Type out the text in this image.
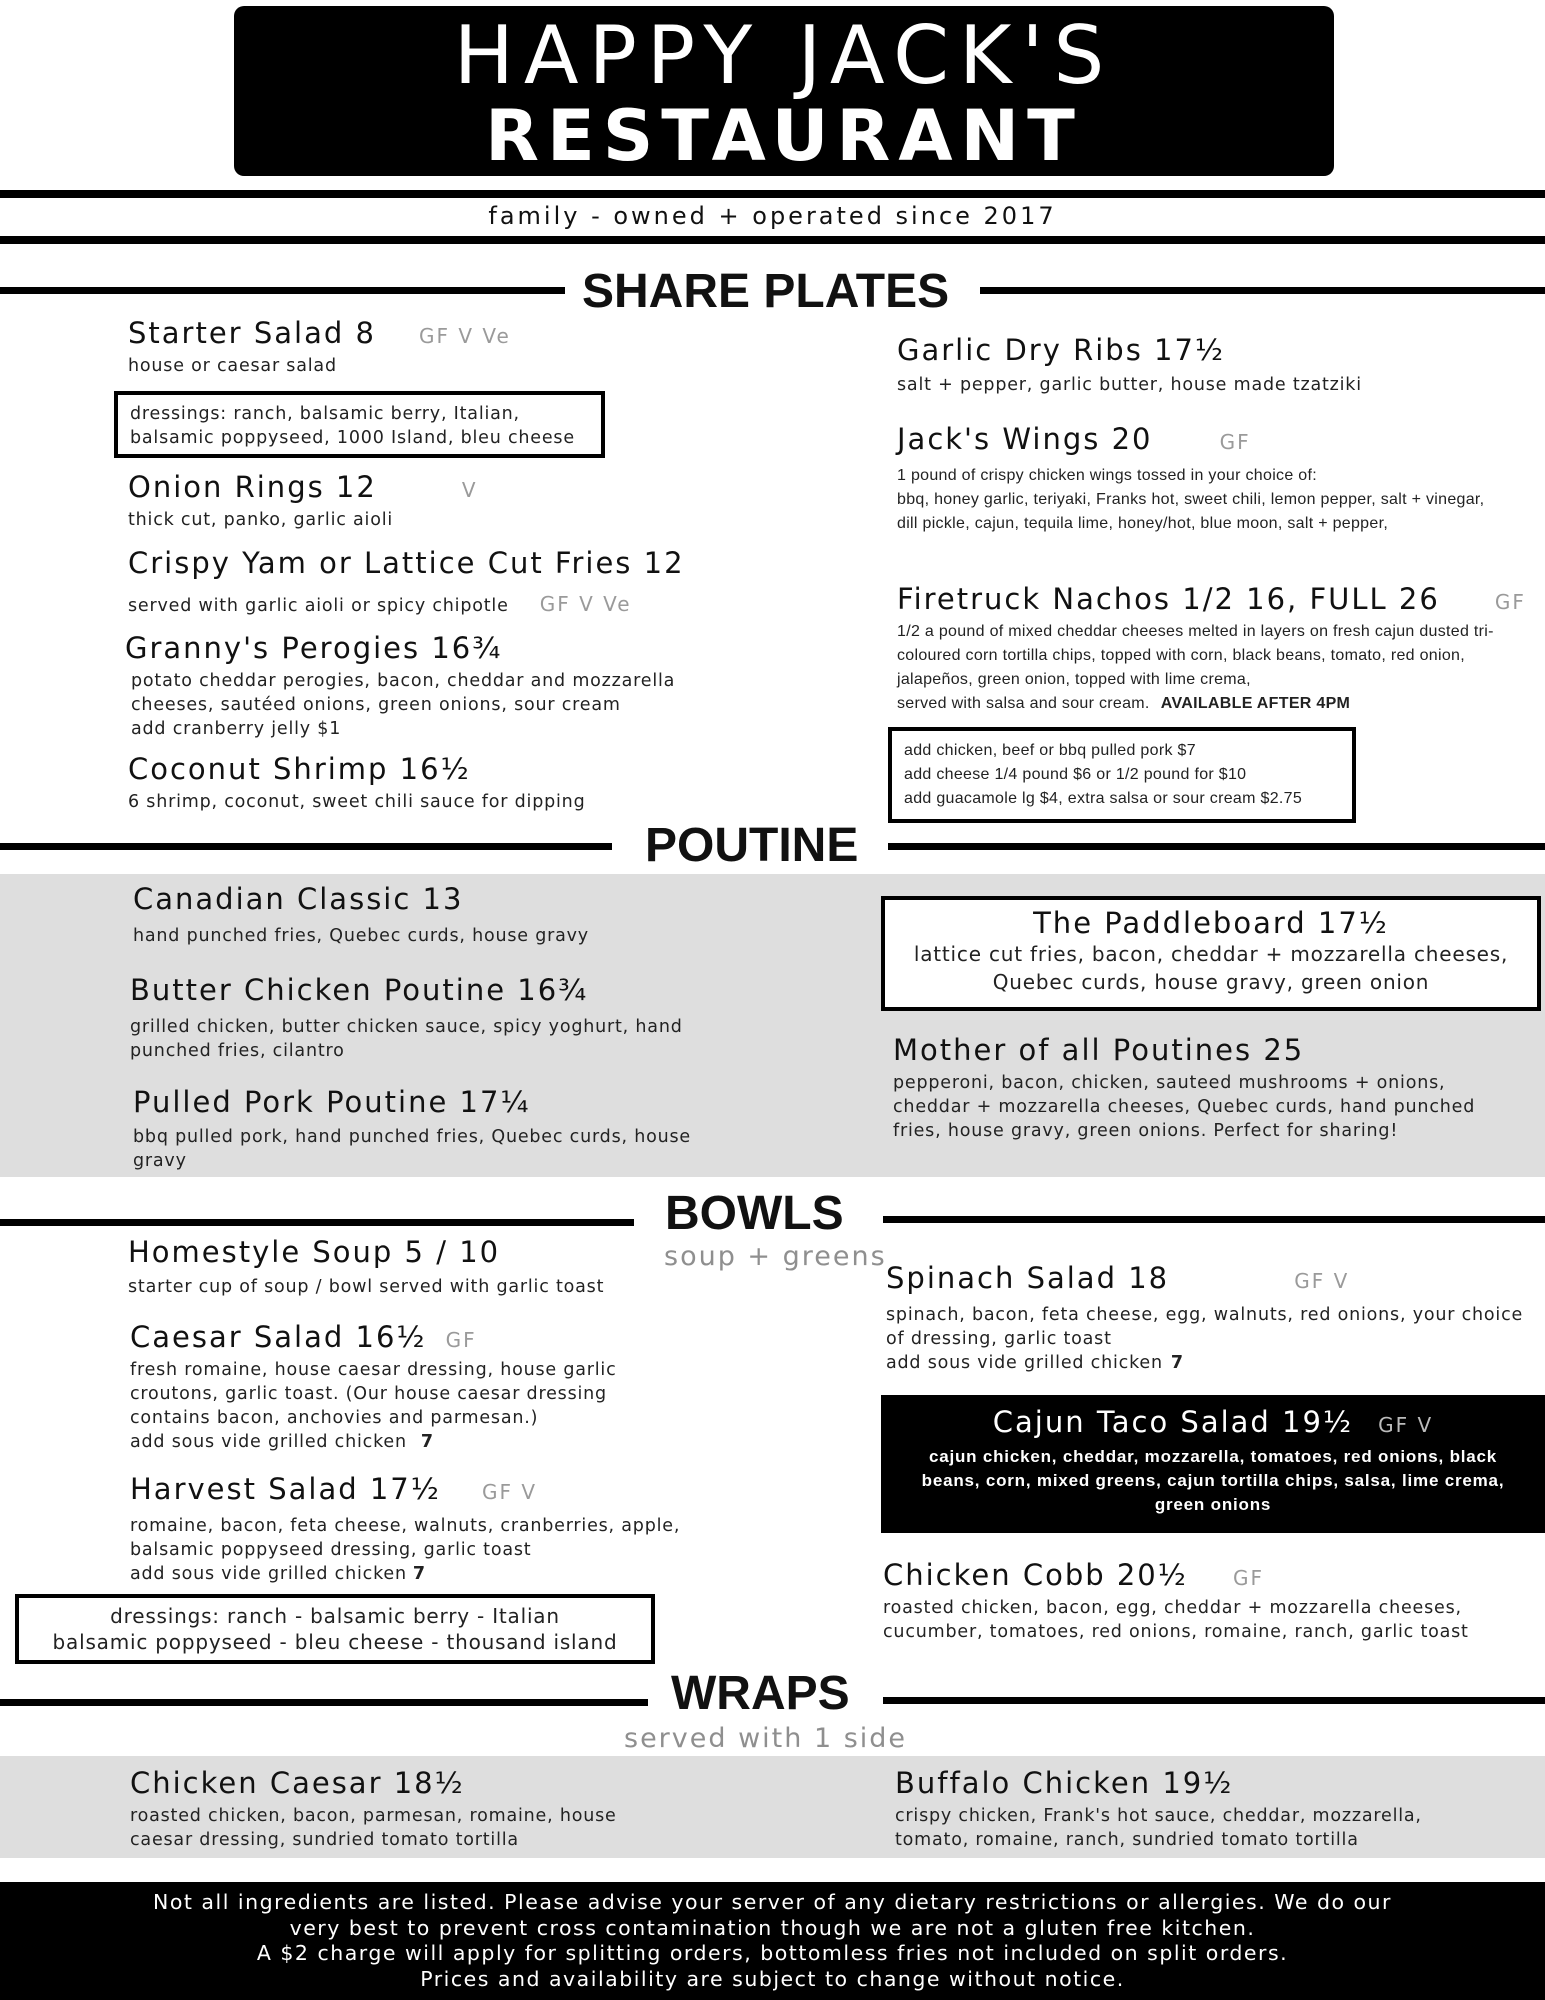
HAPPY JACK'S
RESTAURANT
family - owned + operated since 2017
SHARE PLATES
Starter Salad 8 GF V Ve
house or caesar salad
dressings: ranch, balsamic berry, Italian, balsamic poppyseed, 1000 Island, bleu cheese
Onion Rings 12	V
thick cut, panko, garlic aioli
Crispy Yam or Lattice Cut Fries 12
served with garlic aioli or spicy chipotle GF V Ve
Granny's Perogies 16¾
potato cheddar perogies, bacon, cheddar and mozzarella cheeses, sautéed onions, green onions, sour cream
add cranberry jelly $1
Coconut Shrimp 16½
6 shrimp, coconut, sweet chili sauce for dipping
Garlic Dry Ribs 17½
salt + pepper, garlic butter, house made tzatziki
Jack's Wings 20	GF
1 pound of crispy chicken wings tossed in your choice of:
bbq, honey garlic, teriyaki, Franks hot, sweet chili, lemon pepper, salt + vinegar, dill pickle, cajun, tequila lime, honey/hot, blue moon, salt + pepper,
Firetruck Nachos 1/2 16, FULL 26	GF
1/2 a pound of mixed cheddar cheeses melted in layers on fresh cajun dusted tri-coloured corn tortilla chips, topped with corn, black beans, tomato, red onion, jalapeños, green onion, topped with lime crema,
served with salsa and sour cream. AVAILABLE AFTER 4PM
add chicken, beef or bbq pulled pork $7
add cheese 1/4 pound $6 or 1/2 pound for $10
add guacamole lg $4, extra salsa or sour cream $2.75
POUTINE
Canadian Classic 13
hand punched fries, Quebec curds, house gravy
Butter Chicken Poutine 16¾
grilled chicken, butter chicken sauce, spicy yoghurt, hand punched fries, cilantro
Pulled Pork Poutine 17¼
bbq pulled pork, hand punched fries, Quebec curds, house gravy
The Paddleboard 17½
lattice cut fries, bacon, cheddar + mozzarella cheeses, Quebec curds, house gravy, green onion
Mother of all Poutines 25
pepperoni, bacon, chicken, sauteed mushrooms + onions, cheddar + mozzarella cheeses, Quebec curds, hand punched fries, house gravy, green onions. Perfect for sharing!
BOWLS
soup + greens
Homestyle Soup 5 / 10
starter cup of soup / bowl served with garlic toast
Caesar Salad 16½ GF
fresh romaine, house caesar dressing, house garlic croutons, garlic toast. (Our house caesar dressing contains bacon, anchovies and parmesan.)
add sous vide grilled chicken 7
Harvest Salad 17½ GF V
romaine, bacon, feta cheese, walnuts, cranberries, apple, balsamic poppyseed dressing, garlic toast
add sous vide grilled chicken 7
dressings: ranch - balsamic berry - Italian
balsamic poppyseed - bleu cheese - thousand island
Spinach Salad 18	GF V
spinach, bacon, feta cheese, egg, walnuts, red onions, your choice of dressing, garlic toast
add sous vide grilled chicken 7
Cajun Taco Salad 19½ GF V
cajun chicken, cheddar, mozzarella, tomatoes, red onions, black beans, corn, mixed greens, cajun tortilla chips, salsa, lime crema, green onions
Chicken Cobb 20½ GF
roasted chicken, bacon, egg, cheddar + mozzarella cheeses, cucumber, tomatoes, red onions, romaine, ranch, garlic toast
WRAPS
served with 1 side
Chicken Caesar 18½
roasted chicken, bacon, parmesan, romaine, house caesar dressing, sundried tomato tortilla
Buffalo Chicken 19½
crispy chicken, Frank's hot sauce, cheddar, mozzarella, tomato, romaine, ranch, sundried tomato tortilla
Not all ingredients are listed. Please advise your server of any dietary restrictions or allergies. We do our
very best to prevent cross contamination though we are not a gluten free kitchen.
A $2 charge will apply for splitting orders, bottomless fries not included on split orders.
Prices and availability are subject to change without notice.
